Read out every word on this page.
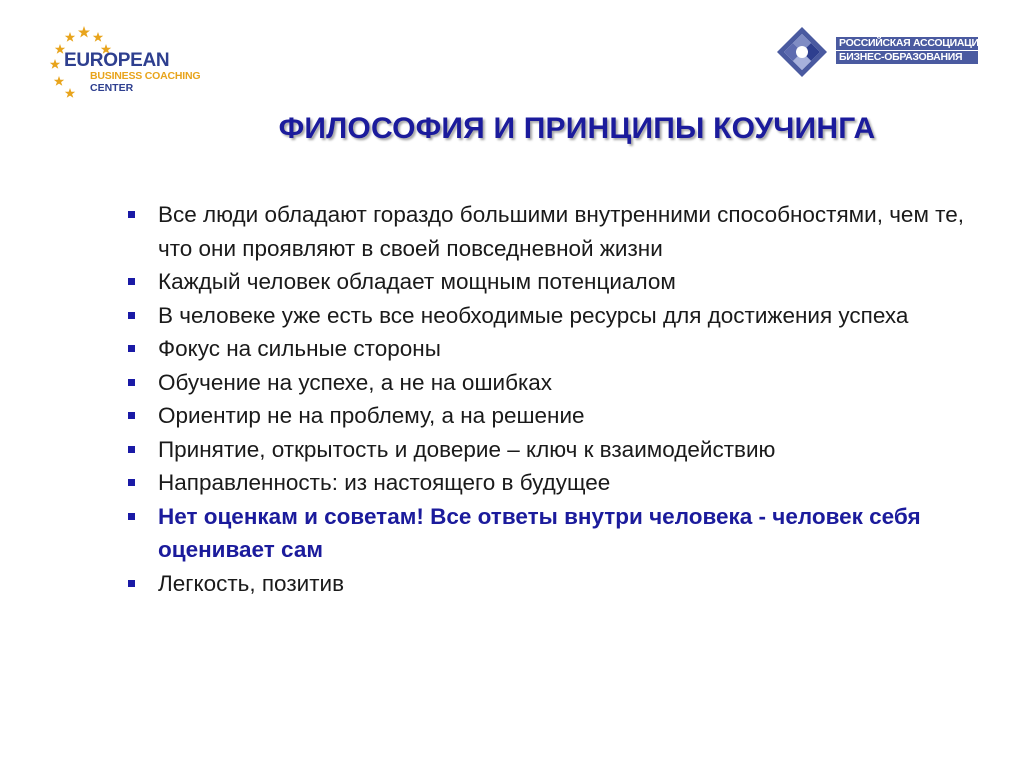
EUROPEAN
BUSINESS COACHING
CENTER
РОССИЙСКАЯ АССОЦИАЦИЯ
БИЗНЕС-ОБРАЗОВАНИЯ
ФИЛОСОФИЯ И ПРИНЦИПЫ КОУЧИНГА
Все люди обладают гораздо большими внутренними способностями, чем те, что они проявляют в своей повседневной жизни
Каждый человек обладает мощным потенциалом
В человеке уже есть все необходимые ресурсы для достижения успеха
Фокус на сильные стороны
Обучение на успехе, а не на ошибках
Ориентир не на проблему, а на решение
Принятие, открытость и доверие – ключ к взаимодействию
Направленность: из настоящего в будущее
Нет оценкам и советам! Все ответы внутри человека - человек себя оценивает сам
Легкость, позитив
